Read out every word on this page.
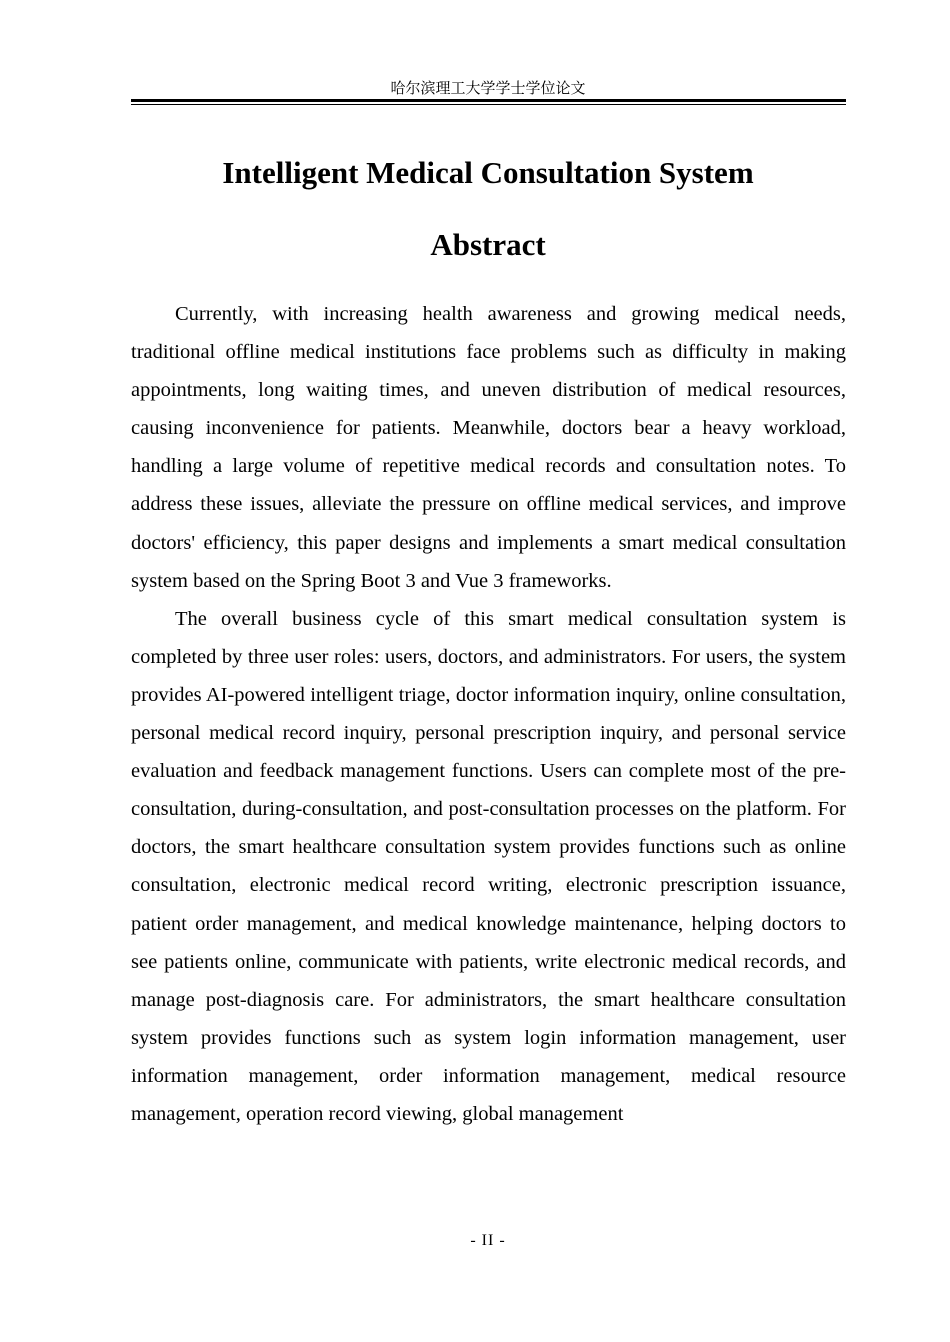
哈尔滨理工大学学士学位论文
Intelligent Medical Consultation System
Abstract

Currently, with increasing health awareness and growing medical needs, traditional offline medical institutions face problems such as difficulty in making appointments, long waiting times, and uneven distribution of medical resources, causing inconvenience for patients. Meanwhile, doctors bear a heavy workload, handling a large volume of repetitive medical records and consultation notes. To address these issues, alleviate the pressure on offline medical services, and improve doctors' efficiency, this paper designs and implements a smart medical consultation system based on the Spring Boot 3 and Vue 3 frameworks.

The overall business cycle of this smart medical consultation system is completed by three user roles: users, doctors, and administrators. For users, the system provides AI-powered intelligent triage, doctor information inquiry, online consultation, personal medical record inquiry, personal prescription inquiry, and personal service evaluation and feedback management functions. Users can complete most of the pre-consultation, during-consultation, and post-consultation processes on the platform. For doctors, the smart healthcare consultation system provides functions such as online consultation, electronic medical record writing, electronic prescription issuance, patient order management, and medical knowledge maintenance, helping doctors to see patients online, communicate with patients, write electronic medical records, and manage post-diagnosis care. For administrators, the smart healthcare consultation system provides functions such as system login information management, user information management, order information management, medical resource management, operation record viewing, global management

- II -
